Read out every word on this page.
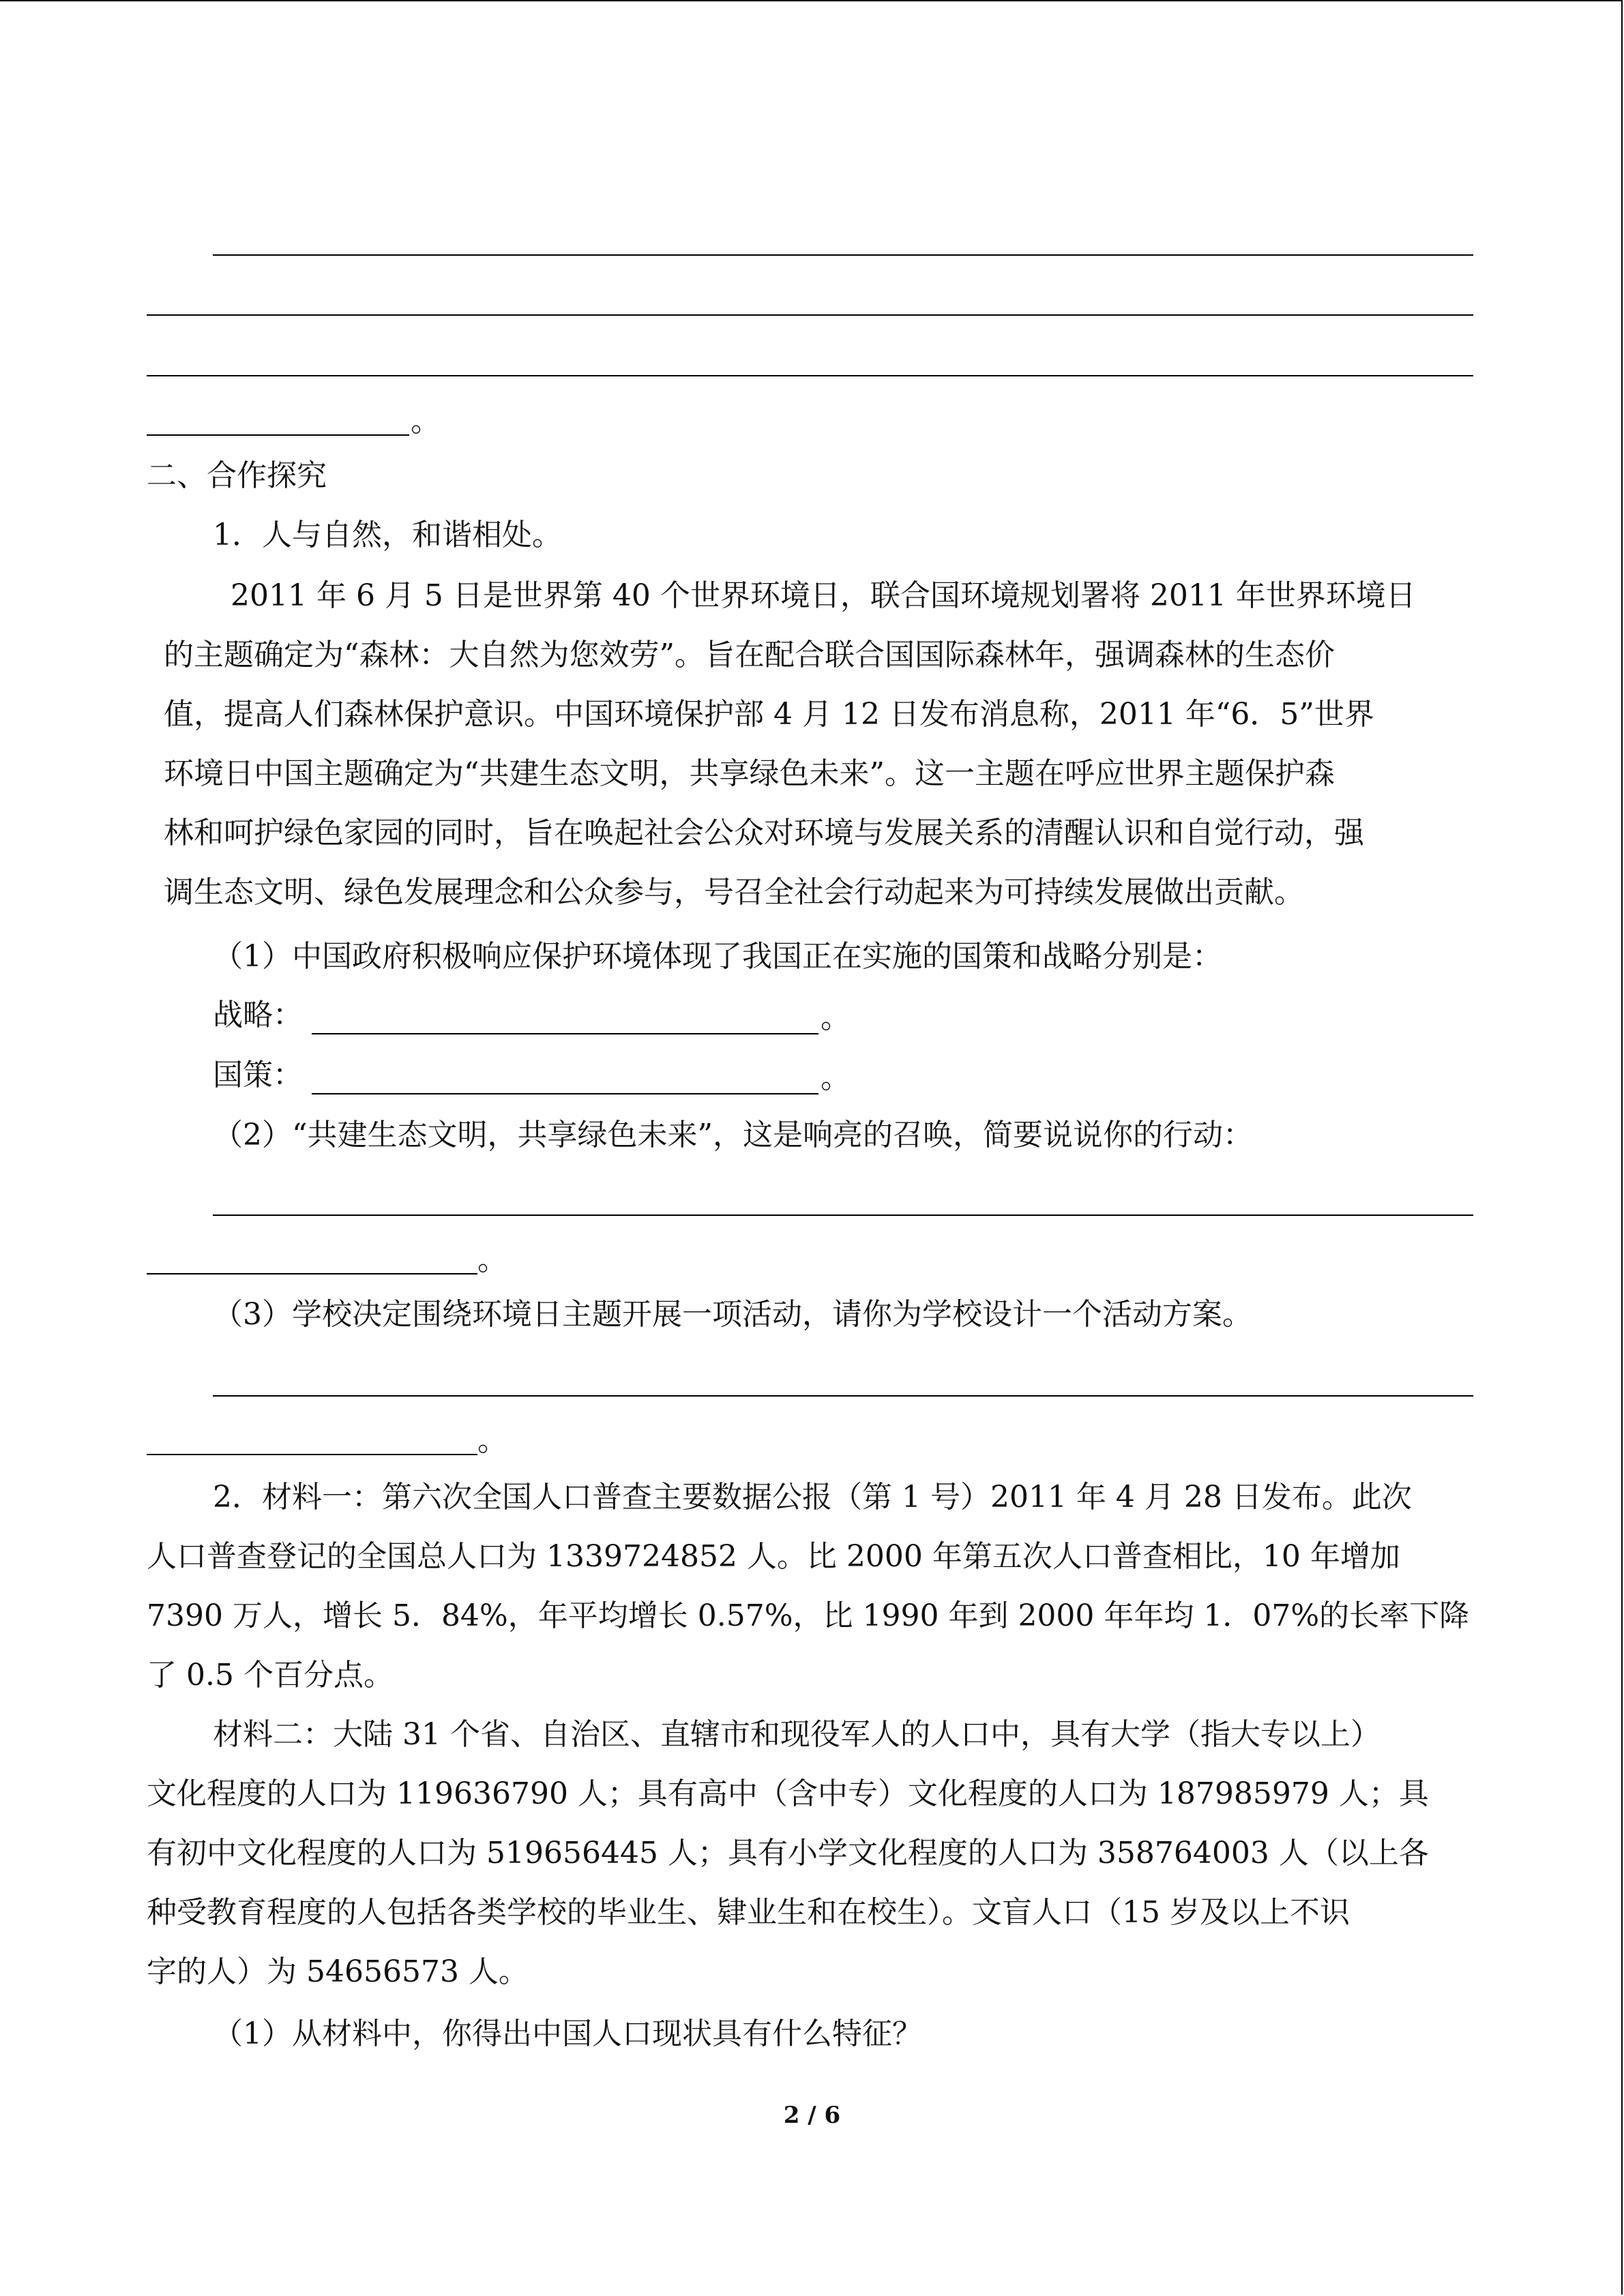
。
二、合作探究
1．人与自然，和谐相处。
2011 年 6 月 5 日是世界第 40 个世界环境日，联合国环境规划署将 2011 年世界环境日
的主题确定为“森林：大自然为您效劳”。旨在配合联合国国际森林年，强调森林的生态价
值，提高人们森林保护意识。中国环境保护部 4 月 12 日发布消息称，2011 年“6．5”世界
环境日中国主题确定为“共建生态文明，共享绿色未来”。这一主题在呼应世界主题保护森
林和呵护绿色家园的同时，旨在唤起社会公众对环境与发展关系的清醒认识和自觉行动，强
调生态文明、绿色发展理念和公众参与，号召全社会行动起来为可持续发展做出贡献。
（1）中国政府积极响应保护环境体现了我国正在实施的国策和战略分别是：
战略：	。
国策：	。
（2）“共建生态文明，共享绿色未来”，这是响亮的召唤，简要说说你的行动：
。
（3）学校决定围绕环境日主题开展一项活动，请你为学校设计一个活动方案。
。
2．材料一：第六次全国人口普查主要数据公报（第 1 号）2011 年 4 月 28 日发布。此次
人口普查登记的全国总人口为 1339724852 人。比 2000 年第五次人口普查相比，10 年增加
7390 万人，增长 5．84%，年平均增长 0.57%，比 1990 年到 2000 年年均 1．07%的长率下降
了 0.5 个百分点。
材料二：大陆 31 个省、自治区、直辖市和现役军人的人口中，具有大学（指大专以上）
文化程度的人口为 119636790 人；具有高中（含中专）文化程度的人口为 187985979 人；具
有初中文化程度的人口为 519656445 人；具有小学文化程度的人口为 358764003 人（以上各
种受教育程度的人包括各类学校的毕业生、肄业生和在校生）。文盲人口（15 岁及以上不识
字的人）为 54656573 人。
（1）从材料中，你得出中国人口现状具有什么特征？
2 / 6
